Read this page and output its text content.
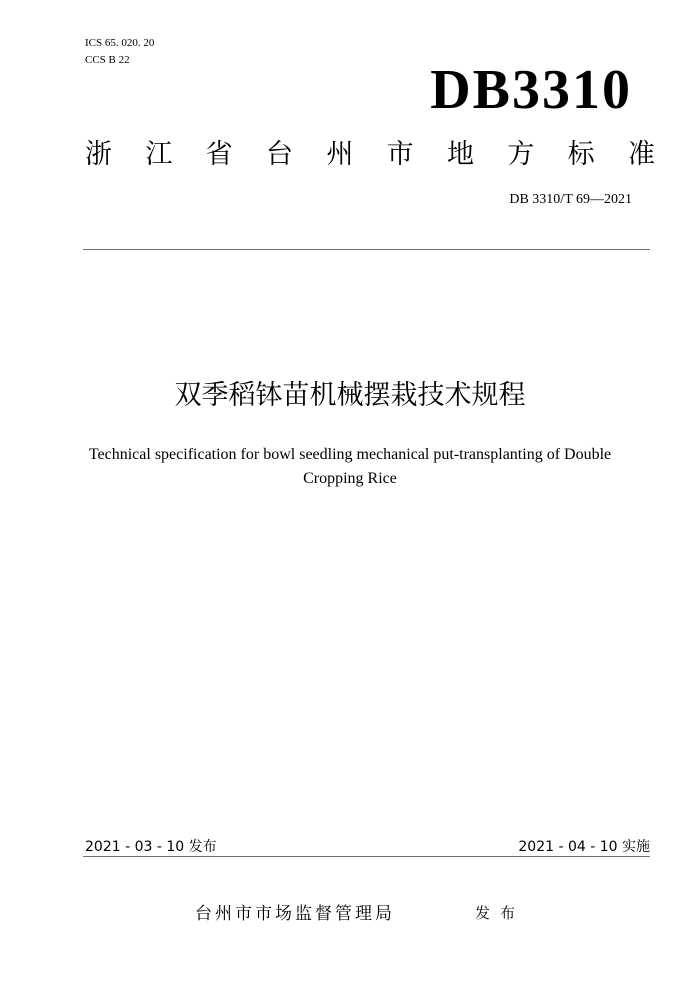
ICS 65. 020. 20
CCS B 22	DB3310
浙 江 省 台 州 市 地 方 标 准
DB 3310/T 69—2021
双季稻钵苗机械摆栽技术规程
Technical specification for bowl seedling mechanical put-transplanting of Double
Cropping Rice
2021 - 03 - 10 发布	2021 - 04 - 10 实施
台州市市场监督管理局	发布
